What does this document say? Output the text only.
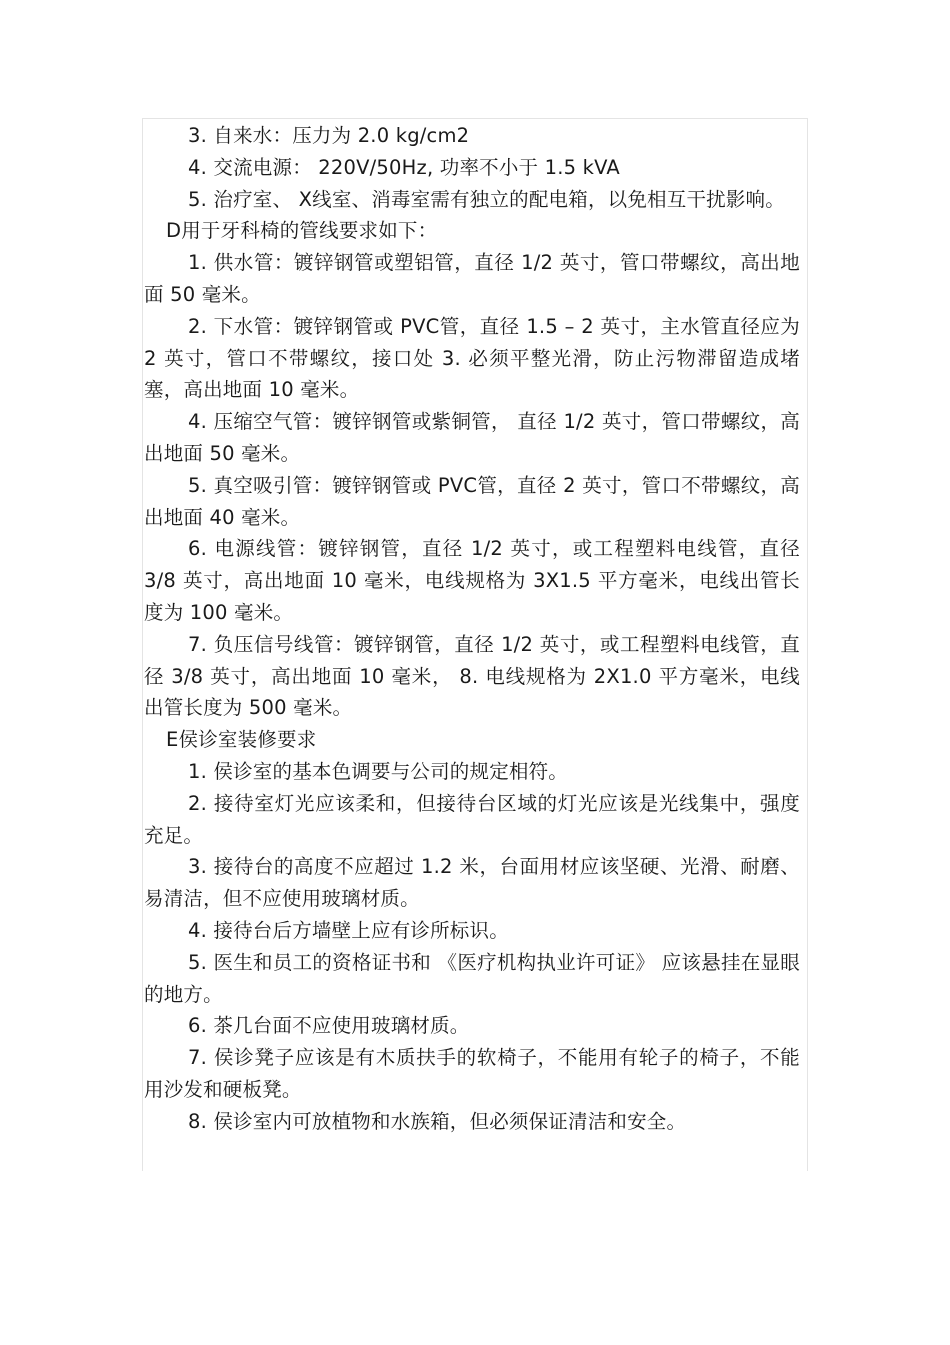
3. 自来水：压力为 2.0 kg/cm2

4. 交流电源： 220V/50Hz, 功率不小于 1.5 kVA

5. 治疗室、 X线室、消毒室需有独立的配电箱，以免相互干扰影响。

D用于牙科椅的管线要求如下：

1. 供水管：镀锌钢管或塑铝管，直径 1/2 英寸，管口带螺纹，高出地面 50 毫米。

2. 下水管：镀锌钢管或 PVC管，直径 1.5 – 2 英寸，主水管直径应为 2 英寸，管口不带螺纹，接口处 3. 必须平整光滑，防止污物滞留造成堵塞，高出地面 10 毫米。

4. 压缩空气管：镀锌钢管或紫铜管， 直径 1/2 英寸，管口带螺纹，高出地面 50 毫米。

5. 真空吸引管：镀锌钢管或 PVC管，直径 2 英寸，管口不带螺纹，高出地面 40 毫米。

6. 电源线管：镀锌钢管，直径 1/2 英寸，或工程塑料电线管，直径 3/8 英寸，高出地面 10 毫米，电线规格为 3X1.5 平方毫米，电线出管长度为 100 毫米。

7. 负压信号线管：镀锌钢管，直径 1/2 英寸，或工程塑料电线管，直径 3/8 英寸，高出地面 10 毫米， 8. 电线规格为 2X1.0 平方毫米，电线出管长度为 500 毫米。

E侯诊室装修要求

1. 侯诊室的基本色调要与公司的规定相符。

2. 接待室灯光应该柔和，但接待台区域的灯光应该是光线集中，强度充足。

3. 接待台的高度不应超过 1.2 米，台面用材应该坚硬、光滑、耐磨、易清洁，但不应使用玻璃材质。

4. 接待台后方墙壁上应有诊所标识。

5. 医生和员工的资格证书和 《医疗机构执业许可证》 应该悬挂在显眼的地方。

6. 茶几台面不应使用玻璃材质。

7. 侯诊凳子应该是有木质扶手的软椅子，不能用有轮子的椅子，不能用沙发和硬板凳。

8. 侯诊室内可放植物和水族箱，但必须保证清洁和安全。
